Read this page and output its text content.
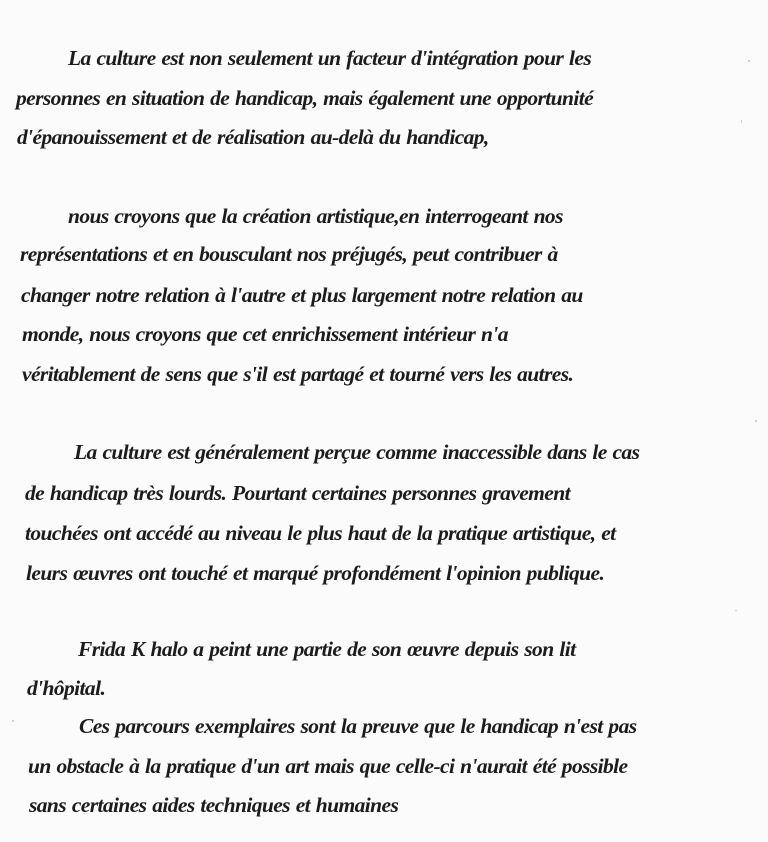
La culture est non seulement un facteur d'intégration pour les
personnes en situation de handicap, mais également une opportunité
d'épanouissement et de réalisation au-delà du handicap,
nous croyons que la création artistique,en interrogeant nos
représentations et en bousculant nos préjugés, peut contribuer à
changer notre relation à l'autre et plus largement notre relation au
monde, nous croyons que cet enrichissement intérieur n'a
véritablement de sens que s'il est partagé et tourné vers les autres.
La culture est généralement perçue comme inaccessible dans le cas
de handicap très lourds. Pourtant certaines personnes gravement
touchées ont accédé au niveau le plus haut de la pratique artistique, et
leurs œuvres ont touché et marqué profondément l'opinion publique.
Frida K halo a peint une partie de son œuvre depuis son lit
d'hôpital.
Ces parcours exemplaires sont la preuve que le handicap n'est pas
un obstacle à la pratique d'un art mais que celle-ci n'aurait été possible
sans certaines aides techniques et humaines
